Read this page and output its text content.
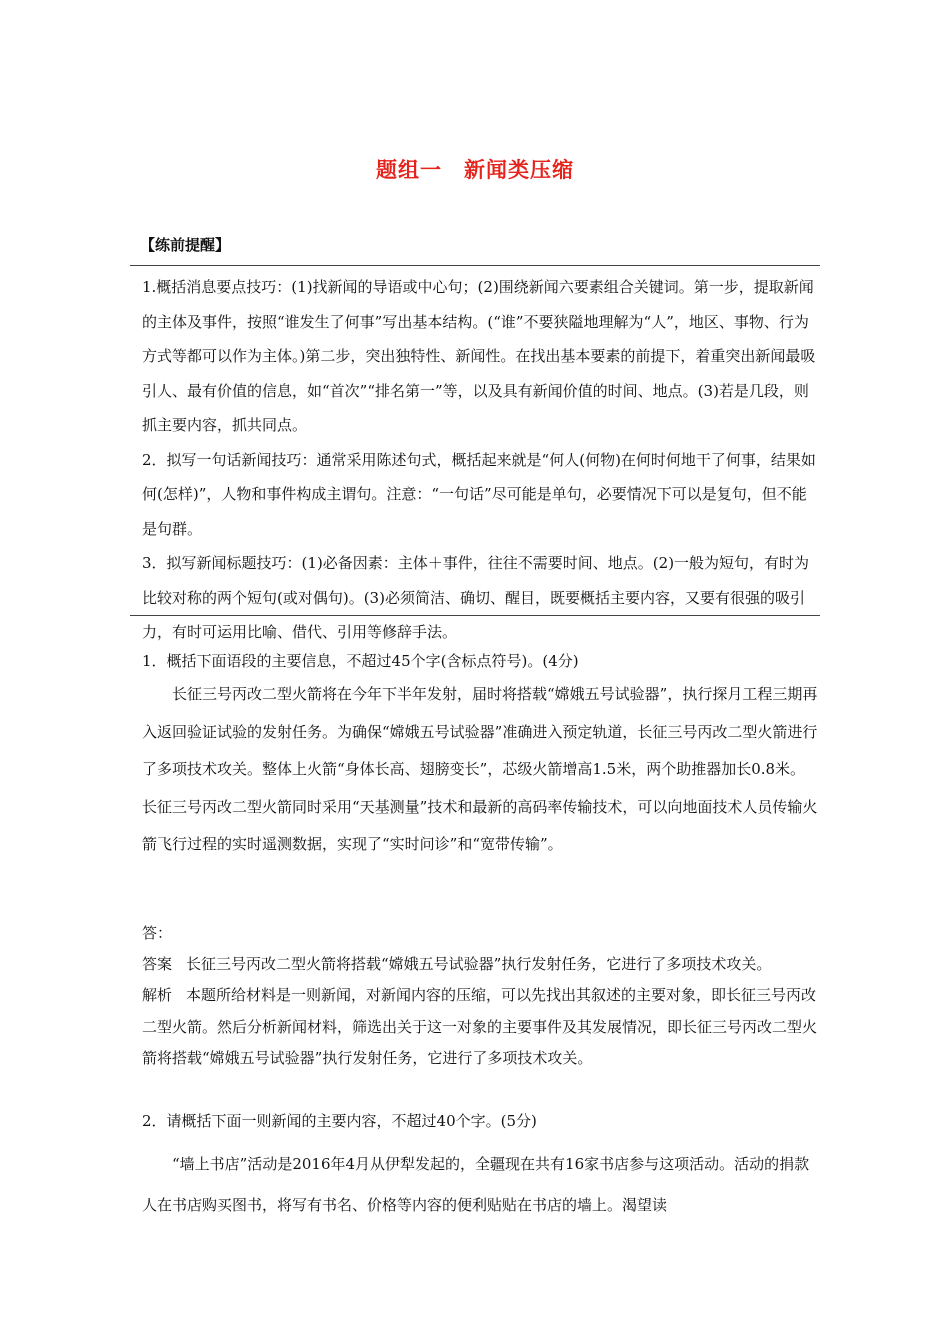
题组一　新闻类压缩
【练前提醒】

1.概括消息要点技巧：(1)找新闻的导语或中心句；(2)围绕新闻六要素组合关键词。第一步，提取新闻的主体及事件，按照“谁发生了何事”写出基本结构。(“谁”不要狭隘地理解为“人”，地区、事物、行为方式等都可以作为主体。)第二步，突出独特性、新闻性。在找出基本要素的前提下，着重突出新闻最吸引人、最有价值的信息，如“首次”“排名第一”等，以及具有新闻价值的时间、地点。(3)若是几段，则抓主要内容，抓共同点。

2．拟写一句话新闻技巧：通常采用陈述句式，概括起来就是“何人(何物)在何时何地干了何事，结果如何(怎样)”，人物和事件构成主谓句。注意：“一句话”尽可能是单句，必要情况下可以是复句，但不能是句群。

3．拟写新闻标题技巧：(1)必备因素：主体＋事件，往往不需要时间、地点。(2)一般为短句，有时为比较对称的两个短句(或对偶句)。(3)必须简洁、确切、醒目，既要概括主要内容，又要有很强的吸引力，有时可运用比喻、借代、引用等修辞手法。

1．概括下面语段的主要信息，不超过45个字(含标点符号)。(4分)

长征三号丙改二型火箭将在今年下半年发射，届时将搭载“嫦娥五号试验器”，执行探月工程三期再入返回验证试验的发射任务。为确保“嫦娥五号试验器”准确进入预定轨道，长征三号丙改二型火箭进行了多项技术攻关。整体上火箭“身体长高、翅膀变长”，芯级火箭增高1.5米，两个助推器加长0.8米。长征三号丙改二型火箭同时采用“天基测量”技术和最新的高码率传输技术，可以向地面技术人员传输火箭飞行过程的实时遥测数据，实现了“实时问诊”和“宽带传输”。

答：

答案 长征三号丙改二型火箭将搭载“嫦娥五号试验器”执行发射任务，它进行了多项技术攻关。

解析 本题所给材料是一则新闻，对新闻内容的压缩，可以先找出其叙述的主要对象，即长征三号丙改二型火箭。然后分析新闻材料，筛选出关于这一对象的主要事件及其发展情况，即长征三号丙改二型火箭将搭载“嫦娥五号试验器”执行发射任务，它进行了多项技术攻关。

2．请概括下面一则新闻的主要内容，不超过40个字。(5分)

“墙上书店”活动是2016年4月从伊犁发起的，全疆现在共有16家书店参与这项活动。活动的捐款人在书店购买图书，将写有书名、价格等内容的便利贴贴在书店的墙上。渴望读
